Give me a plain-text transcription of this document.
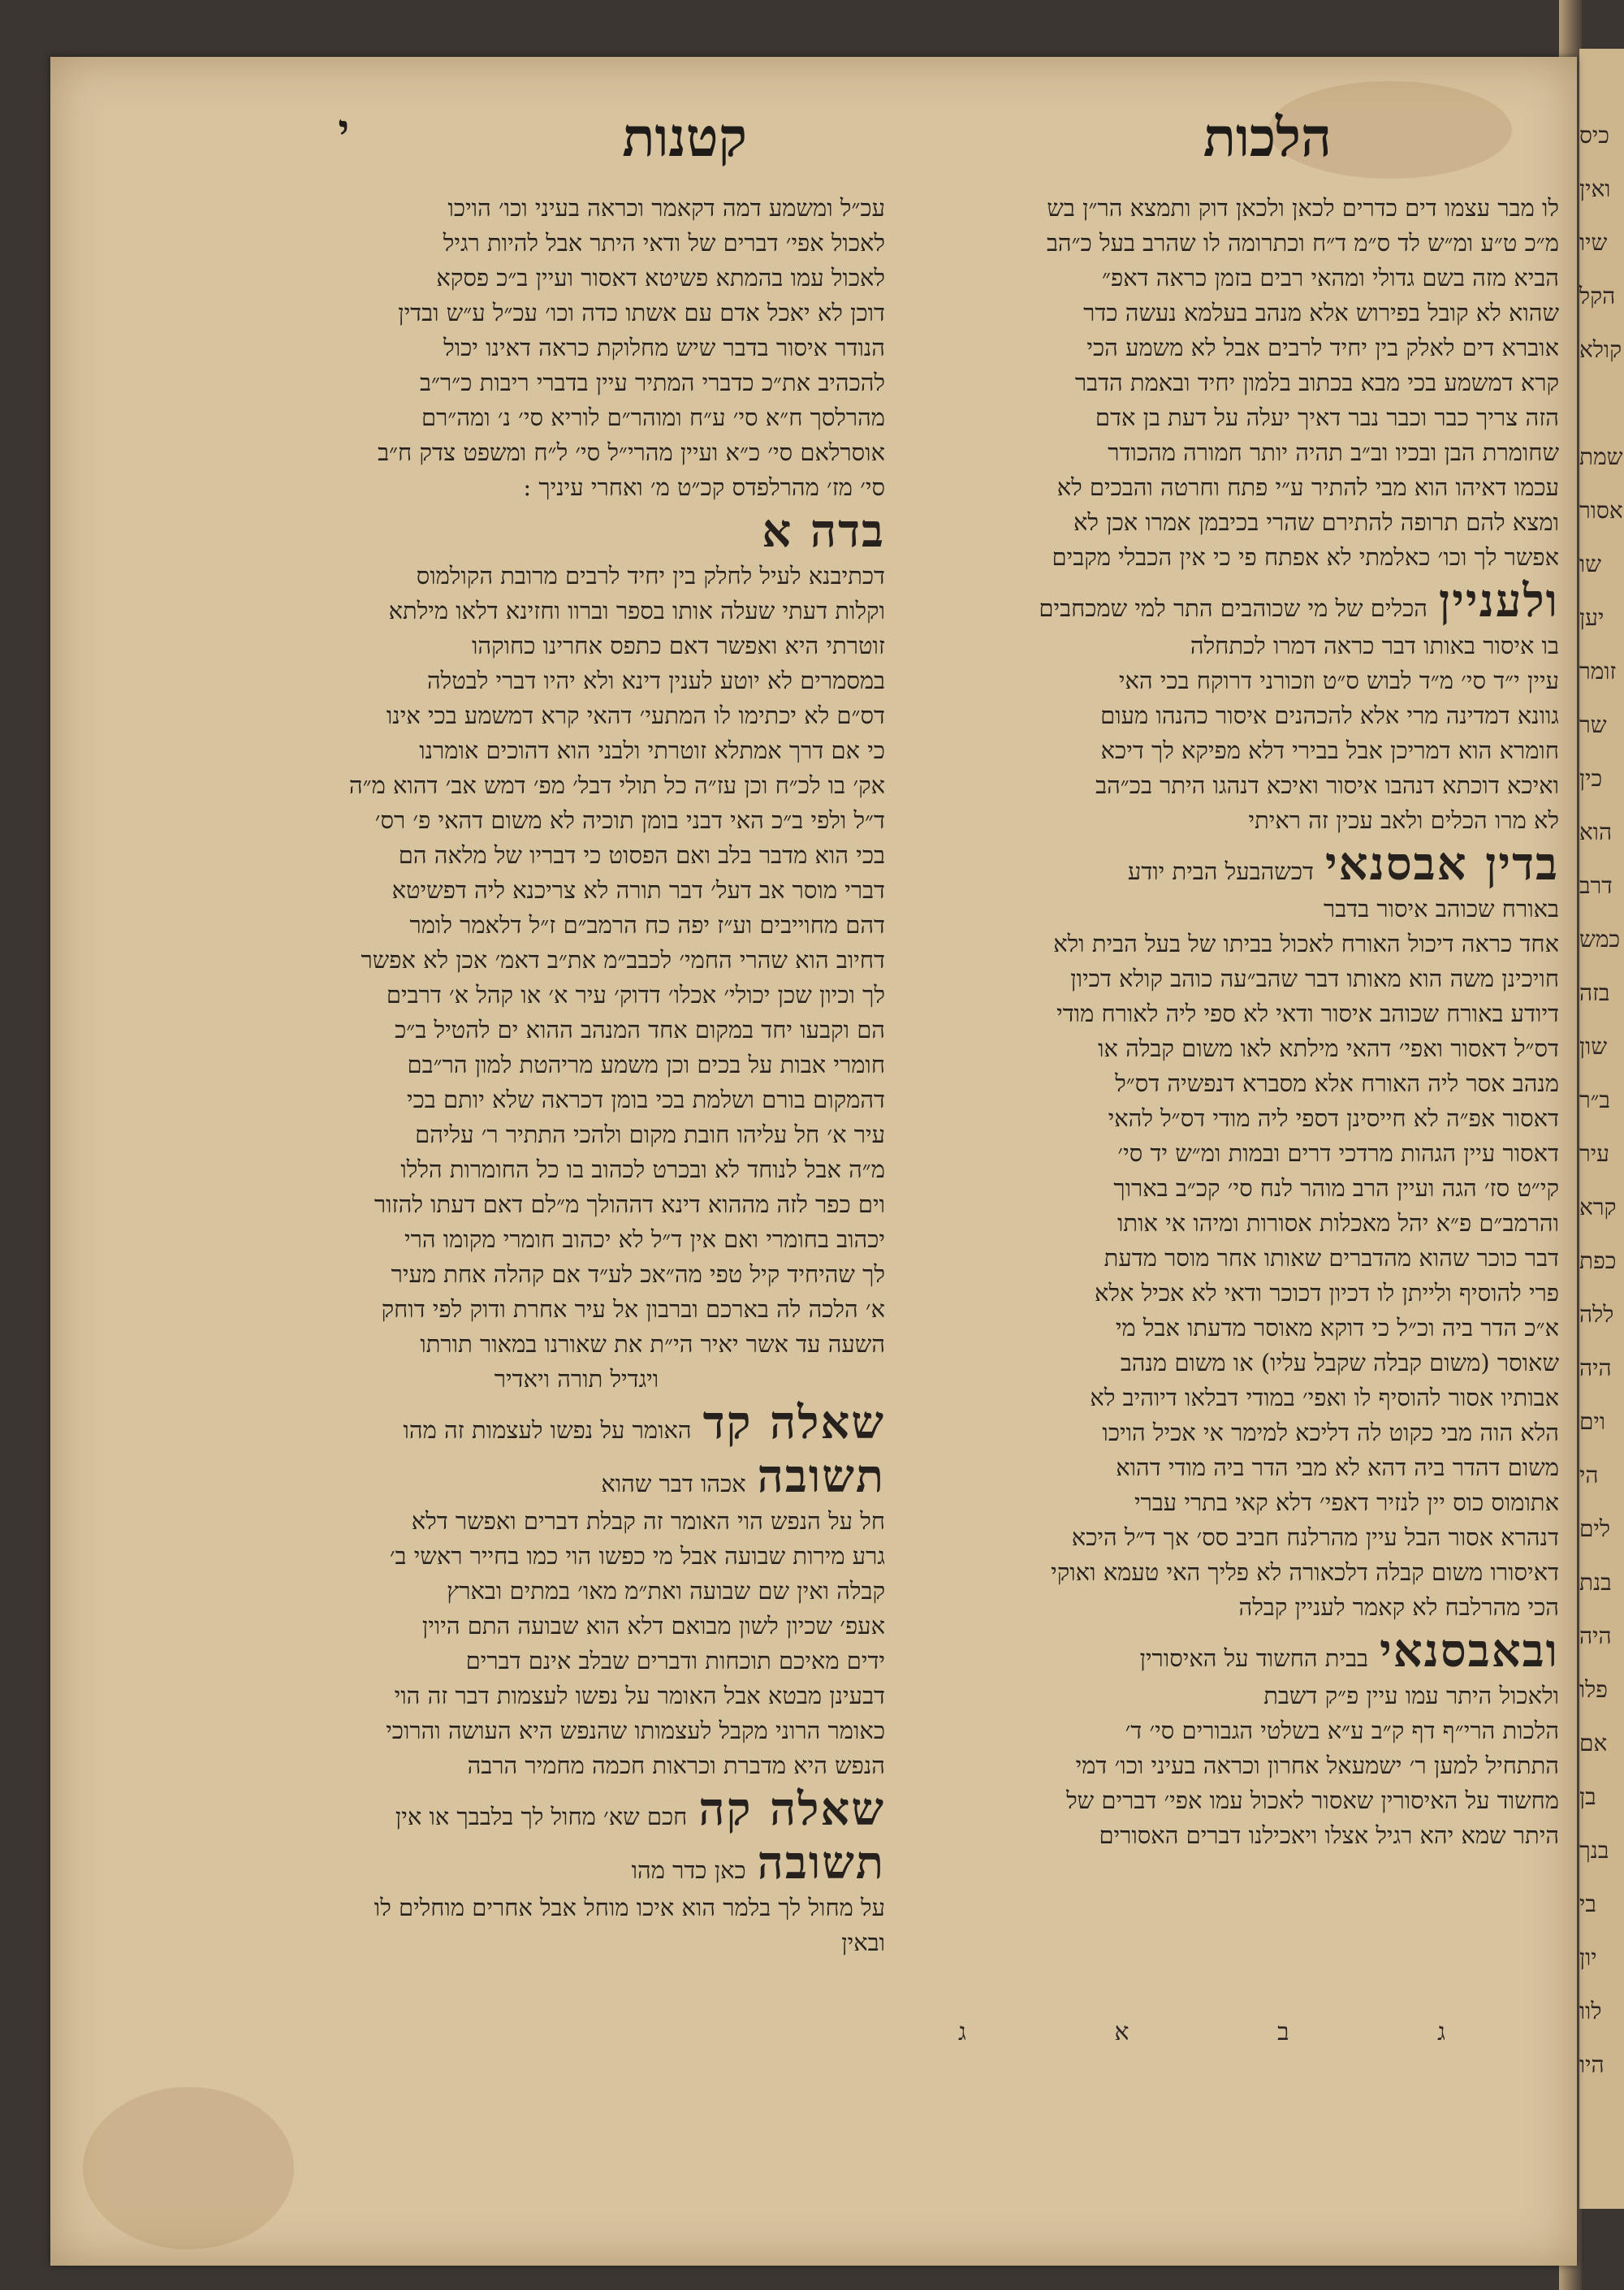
כיס
ואין
שיו
הקל
קולא
שמת
אסור
שו
יען
זומר
שר
כין
הוא
דרב
כמש
בזה
שון
ב״ר
עיר
קרא
כפת
ללה
היה
וים
הי
לים
בנת
היה
פלו
אם
בן
בנך
בי
יון
לוו
היו
הלכות
קטנות
י
לו מבר עצמו דים כדרים לכאן ולכאן דוק ותמצא הר״ן בש
מ״כ ט״ע ומ״ש לד ס״מ ד״ח וכתרומה לו שהרב בעל כ״הב
הביא מזה בשם גדולי ומהאי רבים בזמן כראה דאפ״
שהוא לא קובל בפירוש אלא מנהב בעלמא נעשה כדר
אוברא דים לאלק בין יחיד לרבים אבל לא משמע הכי
קרא דמשמע בכי מבא בכתוב בלמון יחיד ובאמת הדבר
הזה צריך כבר וכבר נבר דאיך יעלה על דעת בן אדם
שחומרת הבן ובכיו וב״ב תהיה יותר חמורה מהכודר
עכמו דאיהו הוא מבי להתיר ע״י פתח וחרטה והבכים לא
ומצא להם תרופה להתירם שהרי בכיבמן אמרו אכן לא
אפשר לך וכו׳ כאלמתי לא אפתח פי כי אין הכבלי מקבים
ולענייןהכלים של מי שכוהבים התר למי שמכחבים
בו איסור באותו דבר כראה דמרו לכתחלה
עיין י״ד סי׳ מ״ד לבוש ס״ט וזכורני דרוקח בכי האי
גוונא דמדינה מרי אלא להכהנים איסור כהנהו מעום
חומרא הוא דמריכן אבל בבירי דלא מפיקא לך דיכא
ואיכא דוכתא דנהבו איסור ואיכא דנהגו היתר בכ״הב
לא מרו הכלים ולאב עכין זה ראיתי
בדין אבסנאידכשהבעל הבית יודע
באורח שכוהב איסור בדבר
אחד כראה דיכול האורח לאכול בביתו של בעל הבית ולא
חויכינן משה הוא מאותו דבר שהב״עה כוהב קולא דכיון
דיודע באורח שכוהב איסור ודאי לא ספי ליה לאורח מודי
דס״ל דאסור ואפי׳ דהאי מילתא לאו משום קבלה או
מנהב אסר ליה האורח אלא מסברא דנפשיה דס״ל
דאסור אפ״ה לא חייסינן דספי ליה מודי דס״ל להאי
דאסור עיין הגהות מרדכי דרים ובמות ומ״ש יד סי׳
קי״ט סז׳ הגה ועיין הרב מוהר לנח סי׳ קכ״ב בארוך
והרמב״ם פ״א יהל מאכלות אסורות ומיהו אי אותו
דבר כוכר שהוא מהדברים שאותו אחר מוסר מדעת
פרי להוסיף ולייתן לו דכיון דכוכר ודאי לא אכיל אלא
א״כ הדר ביה וכ״ל כי דוקא מאוסר מדעתו אבל מי
שאוסר (משום קבלה שקבל עליו) או משום מנהב
אבותיו אסור להוסיף לו ואפי׳ במודי דבלאו דיוהיב לא
הלא הוה מבי כקוט לה דליכא למימר אי אכיל הויכו
משום דהדר ביה דהא לא מבי הדר ביה מודי דהוא
אתומוס כוס יין לנזיר דאפי׳ דלא קאי בתרי עברי
דנהרא אסור הבל עיין מהרלנח חביב סס׳ אך ד״ל היכא
דאיסורו משום קבלה דלכאורה לא פליך האי טעמא ואוקי
הכי מהרלבח לא קאמר לעניין קבלה
ובאבסנאיבבית החשוד על האיסורין
ולאכול היתר עמו עיין פ״ק דשבת
הלכות הרי״ף דף ק״ב ע״א בשלטי הגבורים סי׳ ד׳
התתחיל למען ר׳ ישמעאל אחרון וכראה בעיני וכו׳ דמי
מחשוד על האיסורין שאסור לאכול עמו אפי׳ דברים של
היתר שמא יהא רגיל אצלו ויאכילנו דברים האסורים
עכ״ל ומשמע דמה דקאמר וכראה בעיני וכו׳ הויכו
לאכול אפי׳ דברים של ודאי היתר אבל להיות רגיל
לאכול עמו בהמתא פשיטא דאסור ועיין ב״כ פסקא
דוכן לא יאכל אדם עם אשתו כדה וכו׳ עכ״ל ע״ש ובדין
הנודר איסור בדבר שיש מחלוקת כראה דאינו יכול
להכהיב את״כ כדברי המתיר עיין בדברי ריבות כ״ר״ב
מהרלסך ח״א סי׳ ע״ח ומוהר״ם לוריא סי׳ נ׳ ומה״רם
אוסרלאם סי׳ כ״א ועיין מהרי״ל סי׳ ל״ח ומשפט צדק ח״ב
סי׳ מז׳ מהרלפדס קכ״ט מ׳ ואחרי עיניך :
בדה א
דכתיבנא לעיל לחלק בין יחיד לרבים מרובת הקולמוס
וקלות דעתי שעלה אותו בספר וברוו וחזינא דלאו מילתא
זוטרתי היא ואפשר דאם כתפס אחרינו כחוקהו
במסמרים לא יוטע לענין דינא ולא יהיו דברי לבטלה
דס״ם לא יכתימו לו המתעי׳ דהאי קרא דמשמע בכי אינו
כי אם דרך אמתלא זוטרתי ולבני הוא דהוכים אומרנו
אק׳ בו לכ״ח וכן עז״ה כל תולי דבל׳ מפ׳ דמש אב׳ דהוא מ״ה
ד״ל ולפי ב״כ האי דבני בומן תוכיה לא משום דהאי פ׳ רס׳
בכי הוא מדבר בלב ואם הפסוט כי דבריו של מלאה הם
דברי מוסר אב דעל׳ דבר תורה לא צריכנא ליה דפשיטא
דהם מחוייבים וע״ז יפה כח הרמב״ם ז״ל דלאמר לומר
דחיוב הוא שהרי החמי׳ לכבב״מ את״ב דאמ׳ אכן לא אפשר
לך וכיון שכן יכולי׳ אכלו׳ דדוק׳ עיר א׳ או קהל א׳ דרבים
הם וקבעו יחד במקום אחד המנהב ההוא ים להטיל ב״כ
חומרי אבות על בכים וכן משמע מריהטת למון הר״בם
דהמקום בורם ושלמת בכי בומן דכראה שלא יותם בכי
עיר א׳ חל עליהו חובת מקום ולהכי התתיר ר׳ עליהם
מ״ה אבל לנוחד לא ובכרט לכהוב בו כל החומרות הללו
וים כפר לזה מההוא דינא דההולך מ״לם דאם דעתו להזור
יכהוב בחומרי ואם אין ד״ל לא יכהוב חומרי מקומו הרי
לך שהיחיד קיל טפי מה״אכ לע״ד אם קהלה אחת מעיר
א׳ הלכה לה בארכם וברבון אל עיר אחרת ודוק לפי דוחק
השעה עד אשר יאיר הי״ת את שאורנו במאור תורתו
ויגדיל תורה ויאדיר
שאלה קדהאומר על נפשו לעצמות זה מהו
תשובהאכהו דבר שהוא
חל על הנפש הוי האומר זה קבלת דברים ואפשר דלא
גרע מירות שבועה אבל מי כפשו הוי כמו בחייר ראשי ב׳
קבלה ואין שם שבועה ואת״מ מאו׳ במתים ובארץ
אעפ׳ שכיון לשון מבואם דלא הוא שבועה התם היוין
ידים מאיכם תוכחות ודברים שבלב אינם דברים
דבעינן מבטא אבל האומר על נפשו לעצמות דבר זה הוי
כאומר הרוני מקבל לעצמותו שהנפש היא העושה והרוכי
הנפש היא מדברת וכראות חכמה מחמיר הרבה
שאלה קהחכם שא׳ מחול לך בלבבך או אין
תשובהכאן כדר מהו
על מחול לך בלמר הוא איכו מוחל אבל אחרים מוחלים לו
ובאין
ג
ב
א
ג
